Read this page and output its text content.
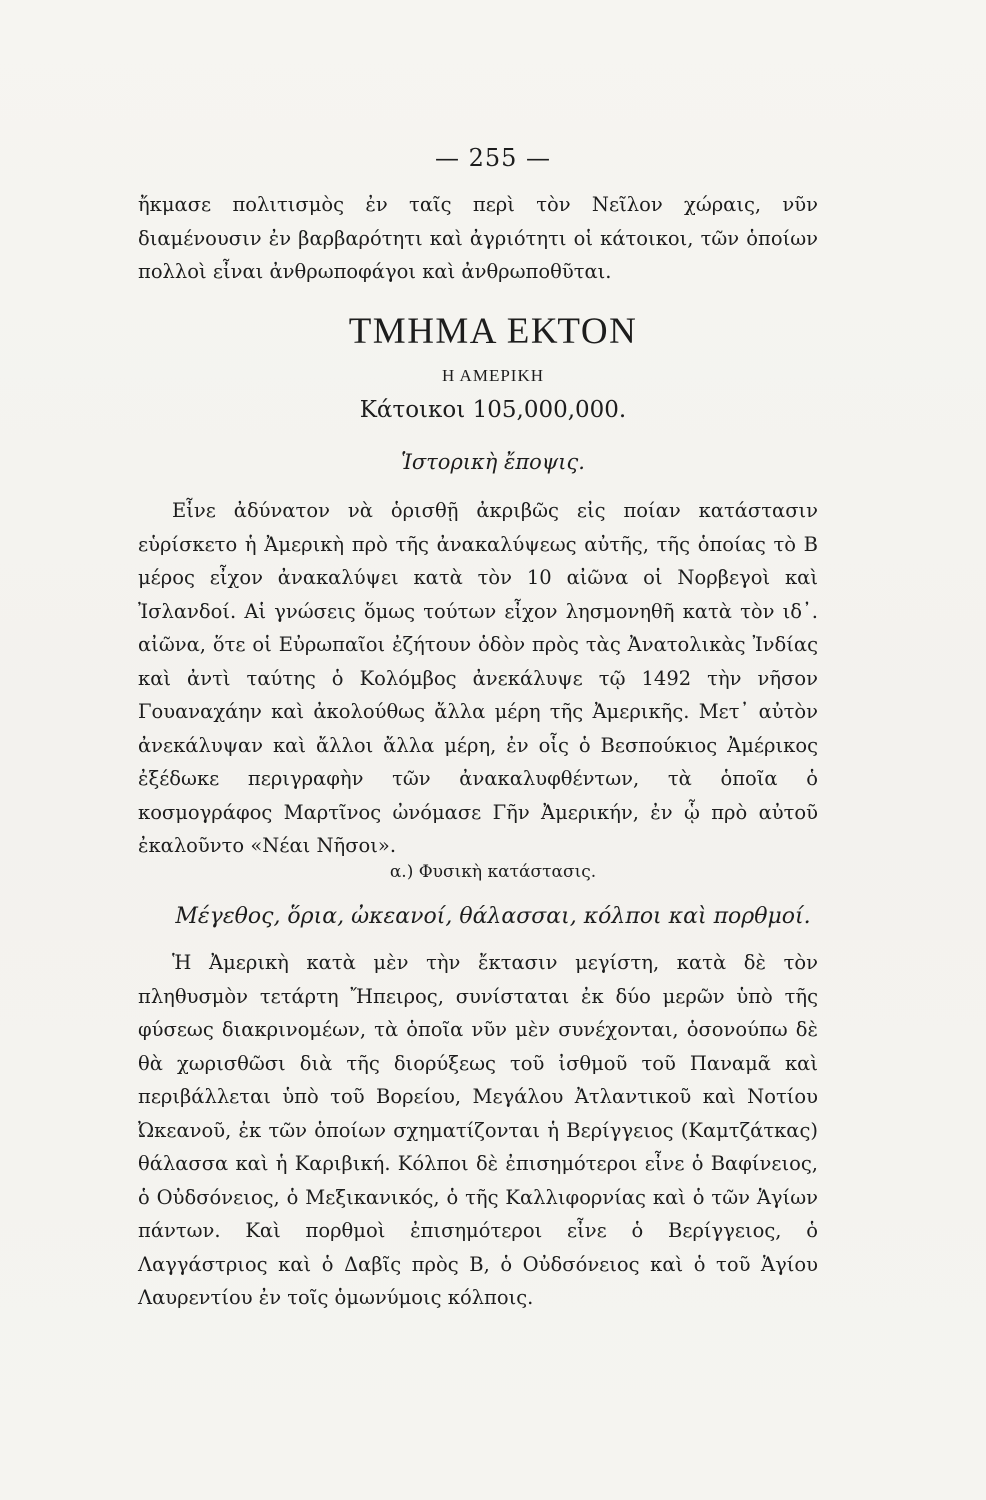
— 255 —

ἤκμασε πολιτισμὸς ἐν ταῖς περὶ τὸν Νεῖλον χώραις, νῦν διαμένουσιν ἐν βαρβαρότητι καὶ ἀγριότητι οἱ κάτοικοι, τῶν ὁποίων πολλοὶ εἶναι ἀνθρωποφάγοι καὶ ἀνθρωποθῦται.

ΤΜΗΜΑ ΕΚΤΟΝ
Η ΑΜΕΡΙΚΗ
Κάτοικοι 105,000,000.
Ἱστορικὴ ἔποψις.

Εἶνε ἀδύνατον νὰ ὁρισθῇ ἀκριβῶς εἰς ποίαν κατάστασιν εὑρίσκετο ἡ Ἀμερικὴ πρὸ τῆς ἀνακαλύψεως αὐτῆς, τῆς ὁποίας τὸ Β μέρος εἶχον ἀνακαλύψει κατὰ τὸν 10 αἰῶνα οἱ Νορβεγοὶ καὶ Ἰσλανδοί. Αἱ γνώσεις ὅμως τούτων εἶχον λησμονηθῆ κατὰ τὸν ιδ᾽. αἰῶνα, ὅτε οἱ Εὐρωπαῖοι ἐζήτουν ὁδὸν πρὸς τὰς Ἀνατολικὰς Ἰνδίας καὶ ἀντὶ ταύτης ὁ Κολόμβος ἀνεκάλυψε τῷ 1492 τὴν νῆσον Γουαναχάην καὶ ἀκολούθως ἄλλα μέρη τῆς Ἀμερικῆς. Μετ᾽ αὐτὸν ἀνεκάλυψαν καὶ ἄλλοι ἄλλα μέρη, ἐν οἷς ὁ Βεσπούκιος Ἀμέρικος ἐξέδωκε περιγραφὴν τῶν ἀνακαλυφθέντων, τὰ ὁποῖα ὁ κοσμογράφος Μαρτῖνος ὠνόμασε Γῆν Ἀμερικήν, ἐν ᾧ πρὸ αὐτοῦ ἐκαλοῦντο «Νέαι Νῆσοι».

α.) Φυσικὴ κατάστασις.
Μέγεθος, ὅρια, ὠκεανοί, θάλασσαι, κόλποι καὶ πορθμοί.

Ἡ Ἀμερικὴ κατὰ μὲν τὴν ἔκτασιν μεγίστη, κατὰ δὲ τὸν πληθυσμὸν τετάρτη Ἤπειρος, συνίσταται ἐκ δύο μερῶν ὑπὸ τῆς φύσεως διακρινομέων, τὰ ὁποῖα νῦν μὲν συνέχονται, ὁσονούπω δὲ θὰ χωρισθῶσι διὰ τῆς διορύξεως τοῦ ἰσθμοῦ τοῦ Παναμᾶ καὶ περιβάλλεται ὑπὸ τοῦ Βορείου, Μεγάλου Ἀτλαντικοῦ καὶ Νοτίου Ὠκεανοῦ, ἐκ τῶν ὁποίων σχηματίζονται ἡ Βερίγγειος (Καμτζάτκας) θάλασσα καὶ ἡ Καριβική. Κόλποι δὲ ἐπισημότεροι εἶνε ὁ Βαφίνειος, ὁ Οὐδσόνειος, ὁ Μεξικανικός, ὁ τῆς Καλλιφορνίας καὶ ὁ τῶν Ἁγίων πάντων. Καὶ πορθμοὶ ἐπισημότεροι εἶνε ὁ Βερίγγειος, ὁ Λαγγάστριος καὶ ὁ Δαβῖς πρὸς Β, ὁ Οὐδσόνειος καὶ ὁ τοῦ Ἁγίου Λαυρεντίου ἐν τοῖς ὁμωνύμοις κόλποις.
